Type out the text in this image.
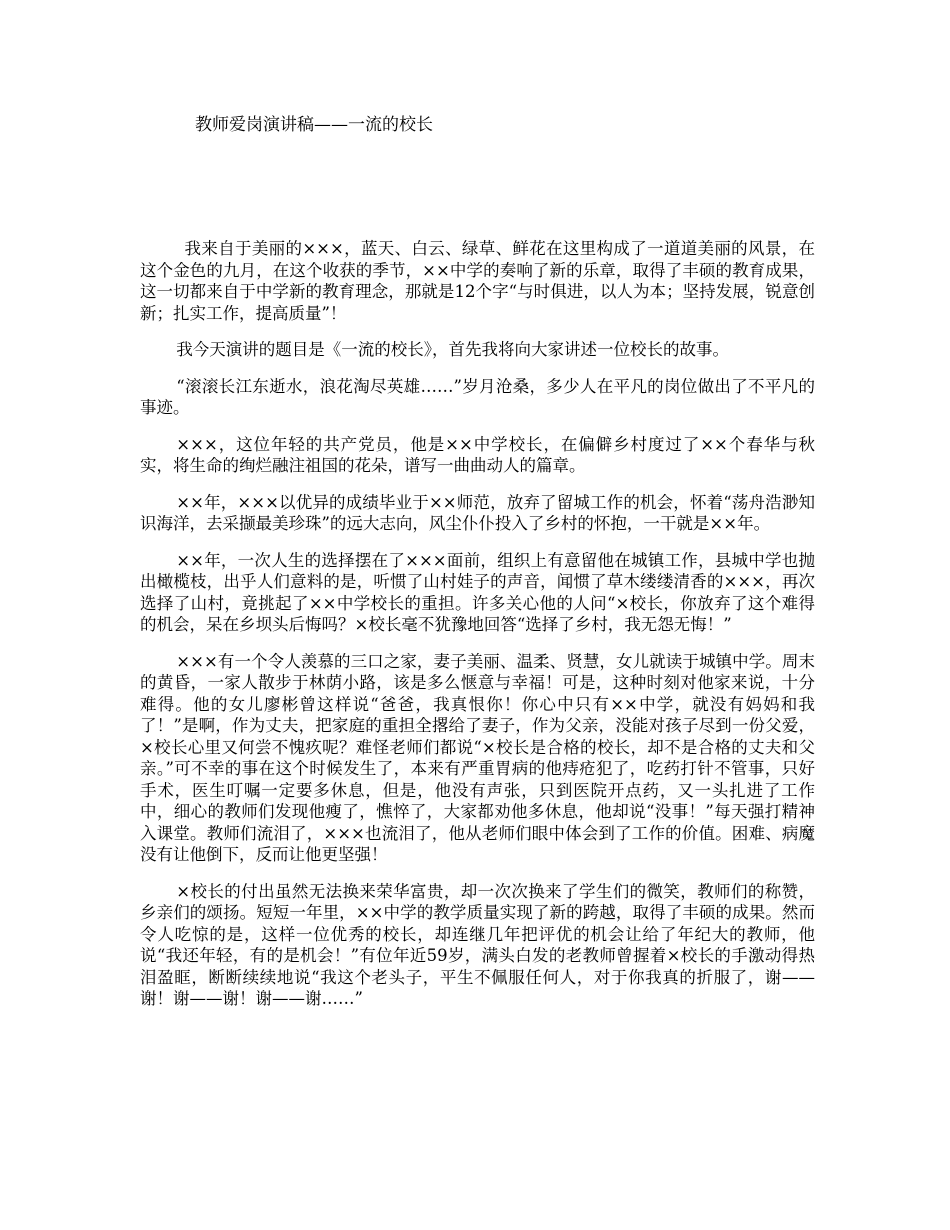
教师爱岗演讲稿——一流的校长

我来自于美丽的×××，蓝天、白云、绿草、鲜花在这里构成了一道道美丽的风景，在这个金色的九月，在这个收获的季节，××中学的奏响了新的乐章，取得了丰硕的教育成果，这一切都来自于中学新的教育理念，那就是12个字“与时俱进，以人为本；坚持发展，锐意创新；扎实工作，提高质量”！

我今天演讲的题目是《一流的校长》，首先我将向大家讲述一位校长的故事。

“滚滚长江东逝水，浪花淘尽英雄……”岁月沧桑，多少人在平凡的岗位做出了不平凡的事迹。

×××，这位年轻的共产党员，他是××中学校长，在偏僻乡村度过了××个春华与秋实，将生命的绚烂融注祖国的花朵，谱写一曲曲动人的篇章。

××年，×××以优异的成绩毕业于××师范，放弃了留城工作的机会，怀着“荡舟浩渺知识海洋，去采撷最美珍珠”的远大志向，风尘仆仆投入了乡村的怀抱，一干就是××年。

××年，一次人生的选择摆在了×××面前，组织上有意留他在城镇工作，县城中学也抛出橄榄枝，出乎人们意料的是，听惯了山村娃子的声音，闻惯了草木缕缕清香的×××，再次选择了山村，竟挑起了××中学校长的重担。许多关心他的人问“×校长，你放弃了这个难得的机会，呆在乡坝头后悔吗？×校长毫不犹豫地回答“选择了乡村，我无怨无悔！”

×××有一个令人羡慕的三口之家，妻子美丽、温柔、贤慧，女儿就读于城镇中学。周末的黄昏，一家人散步于林荫小路，该是多么惬意与幸福！可是，这种时刻对他家来说，十分难得。他的女儿廖彬曾这样说“爸爸，我真恨你！你心中只有××中学，就没有妈妈和我了！”是啊，作为丈夫，把家庭的重担全撂给了妻子，作为父亲，没能对孩子尽到一份父爱，×校长心里又何尝不愧疚呢？难怪老师们都说“×校长是合格的校长，却不是合格的丈夫和父亲。”可不幸的事在这个时候发生了，本来有严重胃病的他痔疮犯了，吃药打针不管事，只好手术，医生叮嘱一定要多休息，但是，他没有声张，只到医院开点药，又一头扎进了工作中，细心的教师们发现他瘦了，憔悴了，大家都劝他多休息，他却说“没事！”每天强打精神入课堂。教师们流泪了，×××也流泪了，他从老师们眼中体会到了工作的价值。困难、病魔没有让他倒下，反而让他更坚强！

×校长的付出虽然无法换来荣华富贵，却一次次换来了学生们的微笑，教师们的称赞，乡亲们的颂扬。短短一年里，××中学的教学质量实现了新的跨越，取得了丰硕的成果。然而令人吃惊的是，这样一位优秀的校长，却连继几年把评优的机会让给了年纪大的教师，他说“我还年轻，有的是机会！”有位年近59岁，满头白发的老教师曾握着×校长的手激动得热泪盈眶，断断续续地说“我这个老头子，平生不佩服任何人，对于你我真的折服了，谢——谢！谢——谢！谢——谢……”
